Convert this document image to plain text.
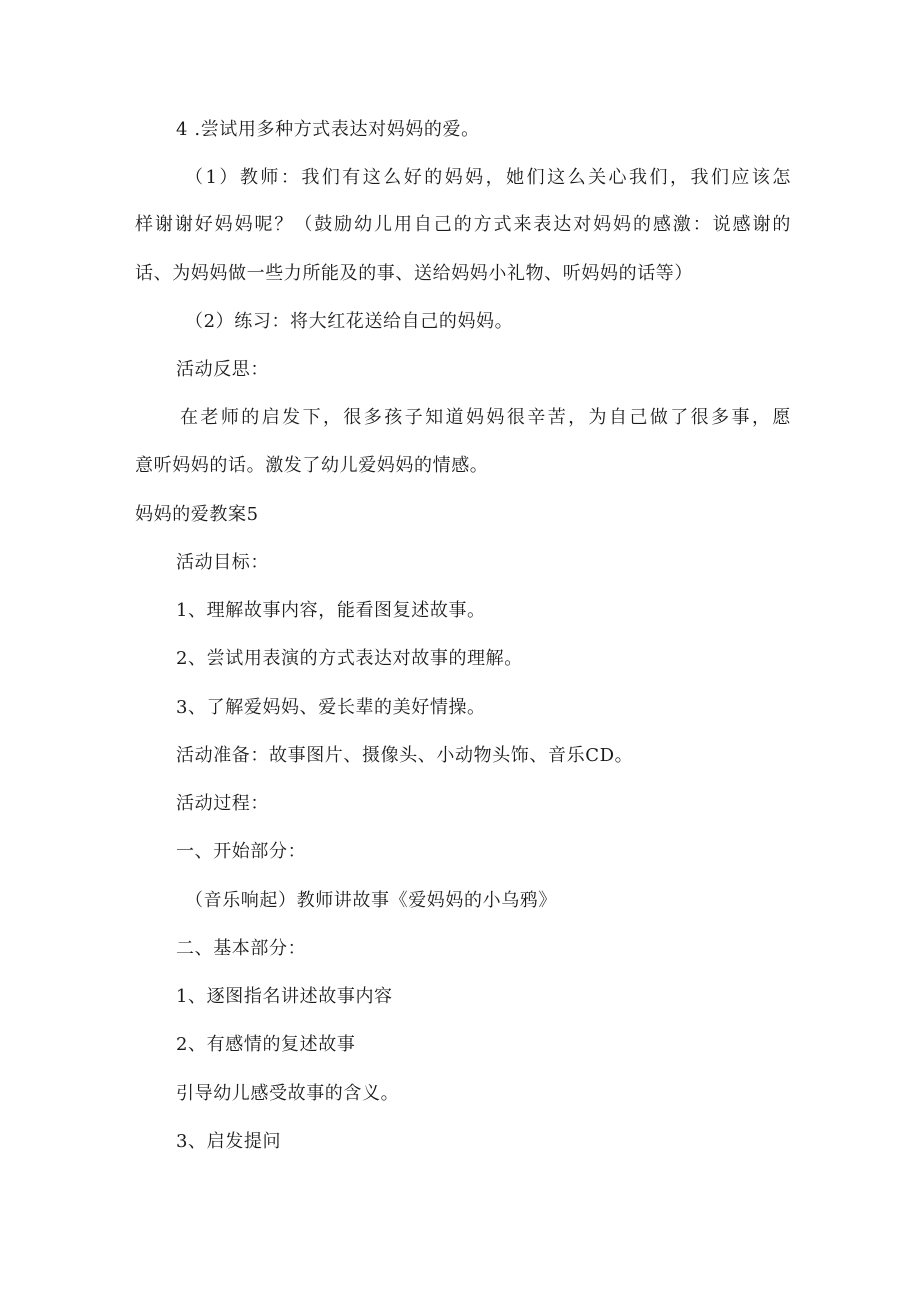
4 .尝试用多种方式表达对妈妈的爱。
（1）教师：我们有这么好的妈妈，她们这么关心我们，我们应该怎
样谢谢好妈妈呢？（鼓励幼儿用自己的方式来表达对妈妈的感激：说感谢的
话、为妈妈做一些力所能及的事、送给妈妈小礼物、听妈妈的话等）
（2）练习：将大红花送给自己的妈妈。
活动反思：
在老师的启发下，很多孩子知道妈妈很辛苦，为自己做了很多事，愿
意听妈妈的话。激发了幼儿爱妈妈的情感。
妈妈的爱教案5
活动目标：
1、理解故事内容，能看图复述故事。
2、尝试用表演的方式表达对故事的理解。
3、了解爱妈妈、爱长辈的美好情操。
活动准备：故事图片、摄像头、小动物头饰、音乐CD。
活动过程：
一、开始部分：
（音乐响起）教师讲故事《爱妈妈的小乌鸦》
二、基本部分：
1、逐图指名讲述故事内容
2、有感情的复述故事
引导幼儿感受故事的含义。
3、启发提问
